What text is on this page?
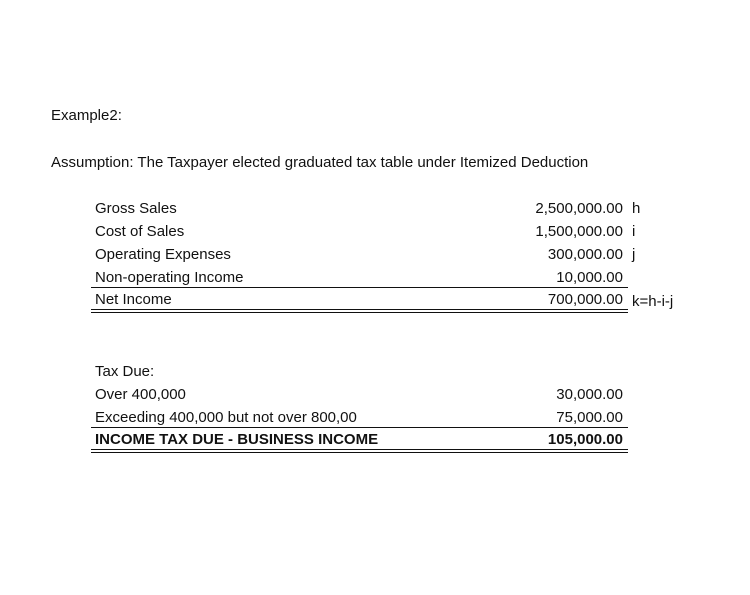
Example2:
Assumption: The Taxpayer elected graduated tax table under Itemized Deduction
Gross Sales	2,500,000.00 h
Cost of Sales	1,500,000.00 i
Operating Expenses	300,000.00 j
Non-operating Income	10,000.00
Net Income	700,000.00 k=h-i-j
Tax Due:
Over 400,000	30,000.00
Exceeding 400,000 but not over 800,00	75,000.00
INCOME TAX DUE - BUSINESS INCOME	105,000.00
